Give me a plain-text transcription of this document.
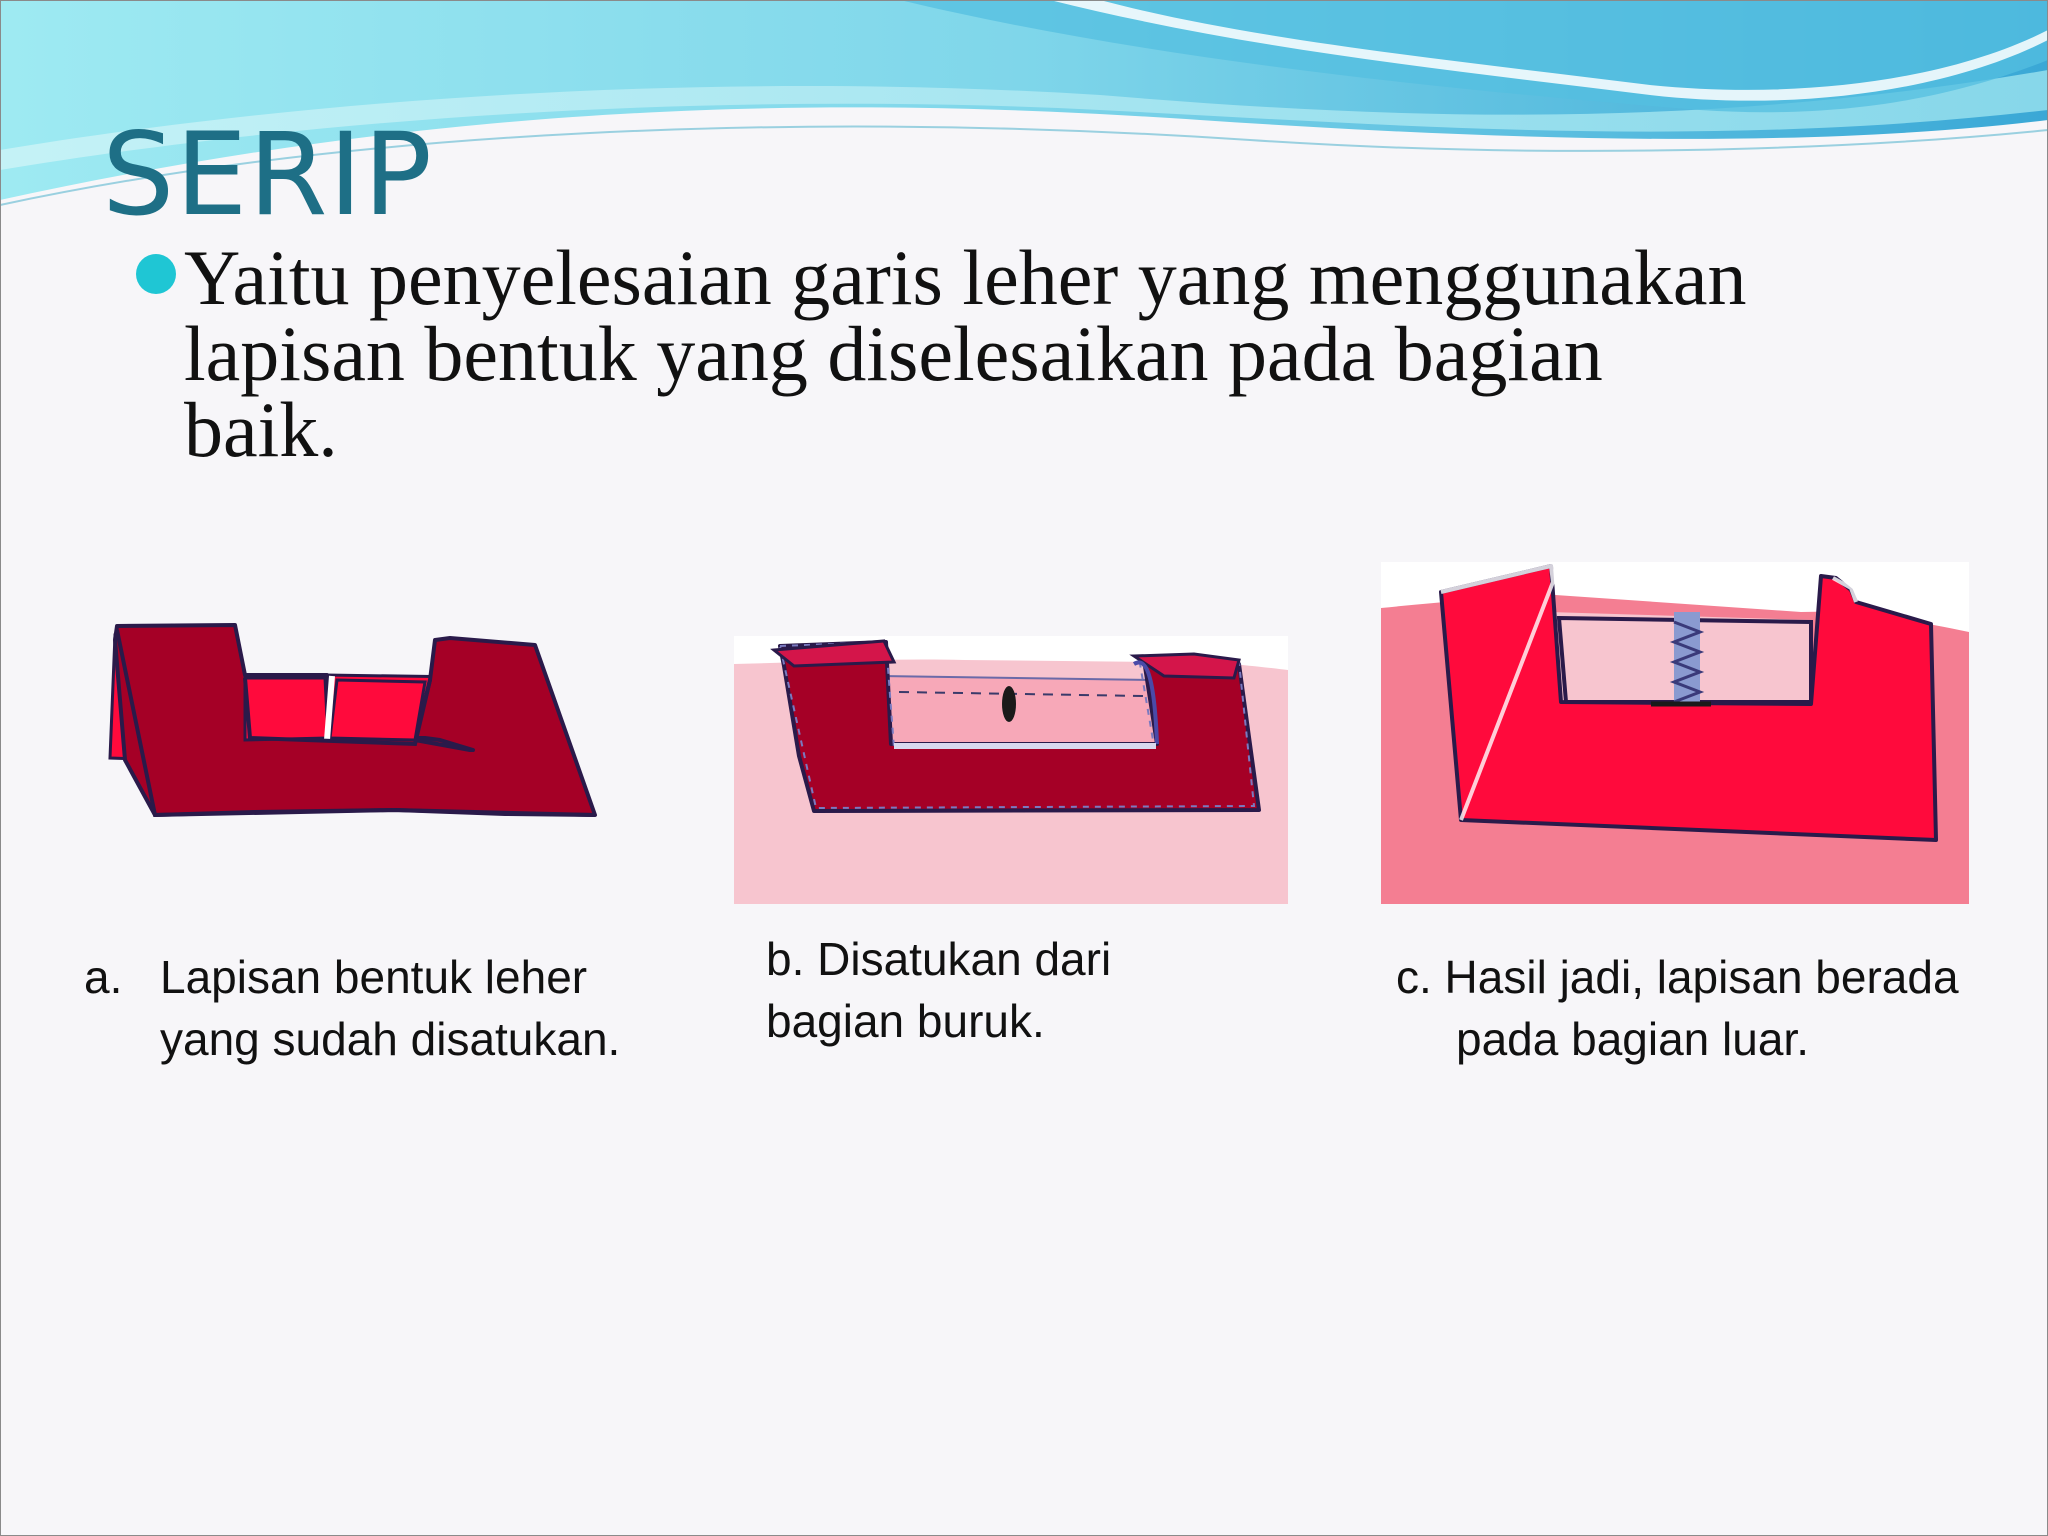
SERIP
Yaitu penyelesaian garis leher yang menggunakan
lapisan bentuk yang diselesaikan pada bagian
baik.
a. Lapisan bentuk leher yang sudah disatukan.
b. Disatukan dari
bagian buruk.
c. Hasil jadi, lapisan berada
pada bagian luar.
